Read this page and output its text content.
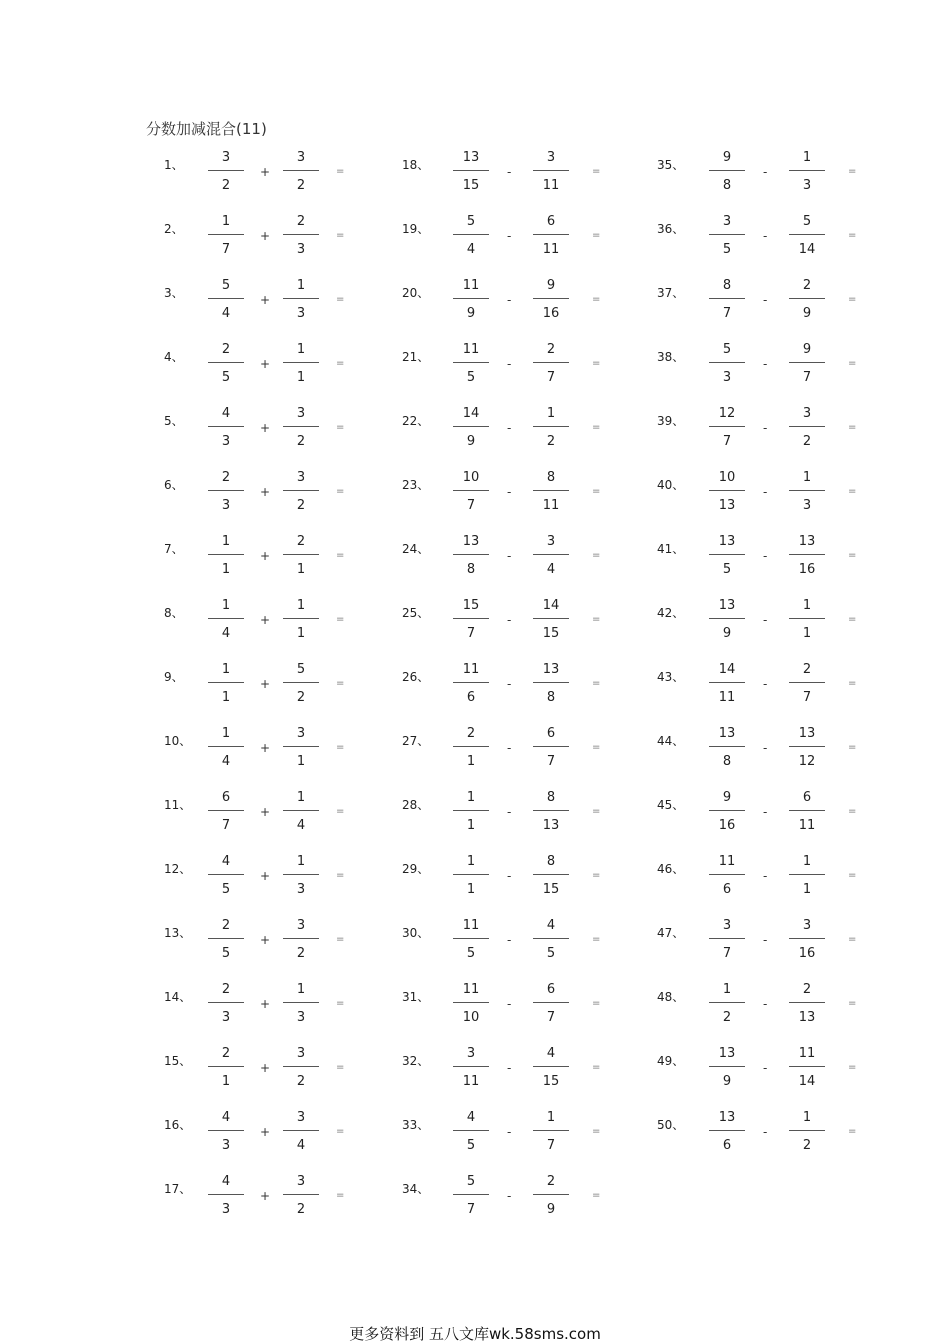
分数加减混合(11)
1、	3
2
+
3
2
=
2、	1
7
+
2
3
=
3、	5
4
+
1
3
=
4、	2
5
+
1
1
=
5、	4
3
+
3
2
=
6、	2
3
+
3
2
=
7、	1
1
+
2
1
=
8、	1
4
+
1
1
=
9、	1
1
+
5
2
=
10、	1
4
+
3
1
=
11、	6
7
+
1
4
=
12、	4
5
+
1
3
=
13、	2
5
+
3
2
=
14、	2
3
+
1
3
=
15、	2
1
+
3
2
=
16、	4
3
+
3
4
=
17、	4
3
+
3
2
=
18、	13
15
-
3
11
=
19、	5
4
-
6
11
=
20、	11
9
-
9
16
=
21、	11
5
-
2
7
=
22、	14
9
-
1
2
=
23、	10
7
-
8
11
=
24、	13
8
-
3
4
=
25、	15
7
-
14
15
=
26、	11
6
-
13
8
=
27、	2
1
-
6
7
=
28、	1
1
-
8
13
=
29、	1
1
-
8
15
=
30、	11
5
-
4
5
=
31、	11
10
-
6
7
=
32、	3
11
-
4
15
=
33、	4
5
-
1
7
=
34、	5
7
-
2
9
=
35、	9
8
-
1
3
=
36、	3
5
-
5
14
=
37、	8
7
-
2
9
=
38、	5
3
-
9
7
=
39、	12
7
-
3
2
=
40、	10
13
-
1
3
=
41、	13
5
-
13
16
=
42、	13
9
-
1
1
=
43、	14
11
-
2
7
=
44、	13
8
-
13
12
=
45、	9
16
-
6
11
=
46、	11
6
-
1
1
=
47、	3
7
-
3
16
=
48、	1
2
-
2
13
=
49、	13
9
-
11
14
=
50、	13
6
-
1
2
=
更多资料到 五八文库wk.58sms.com
